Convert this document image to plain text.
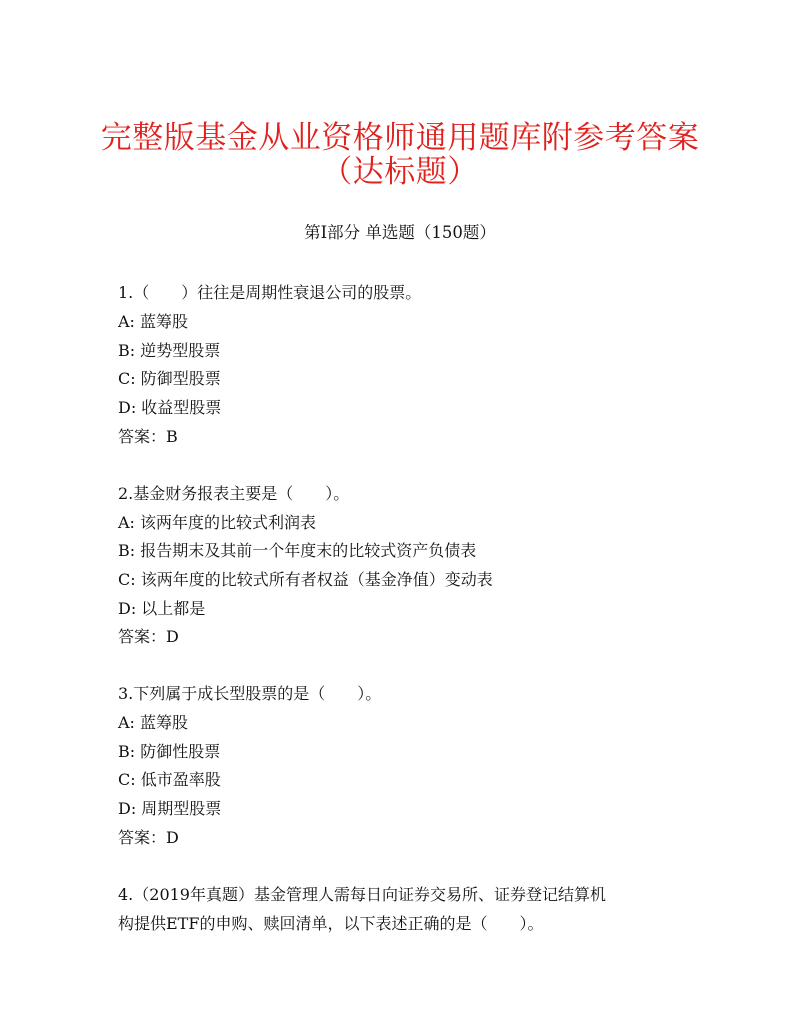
完整版基金从业资格师通用题库附参考答案
（达标题）
第Ⅰ部分 单选题（150题）
1.（　　）往往是周期性衰退公司的股票。
A: 蓝筹股
B: 逆势型股票
C: 防御型股票
D: 收益型股票
答案：B
2.基金财务报表主要是（　　）。
A: 该两年度的比较式利润表
B: 报告期末及其前一个年度末的比较式资产负债表
C: 该两年度的比较式所有者权益（基金净值）变动表
D: 以上都是
答案：D
3.下列属于成长型股票的是（　　）。
A: 蓝筹股
B: 防御性股票
C: 低市盈率股
D: 周期型股票
答案：D
4.（2019年真题）基金管理人需每日向证券交易所、证券登记结算机
构提供ETF的申购、赎回清单，以下表述正确的是（　　）。
